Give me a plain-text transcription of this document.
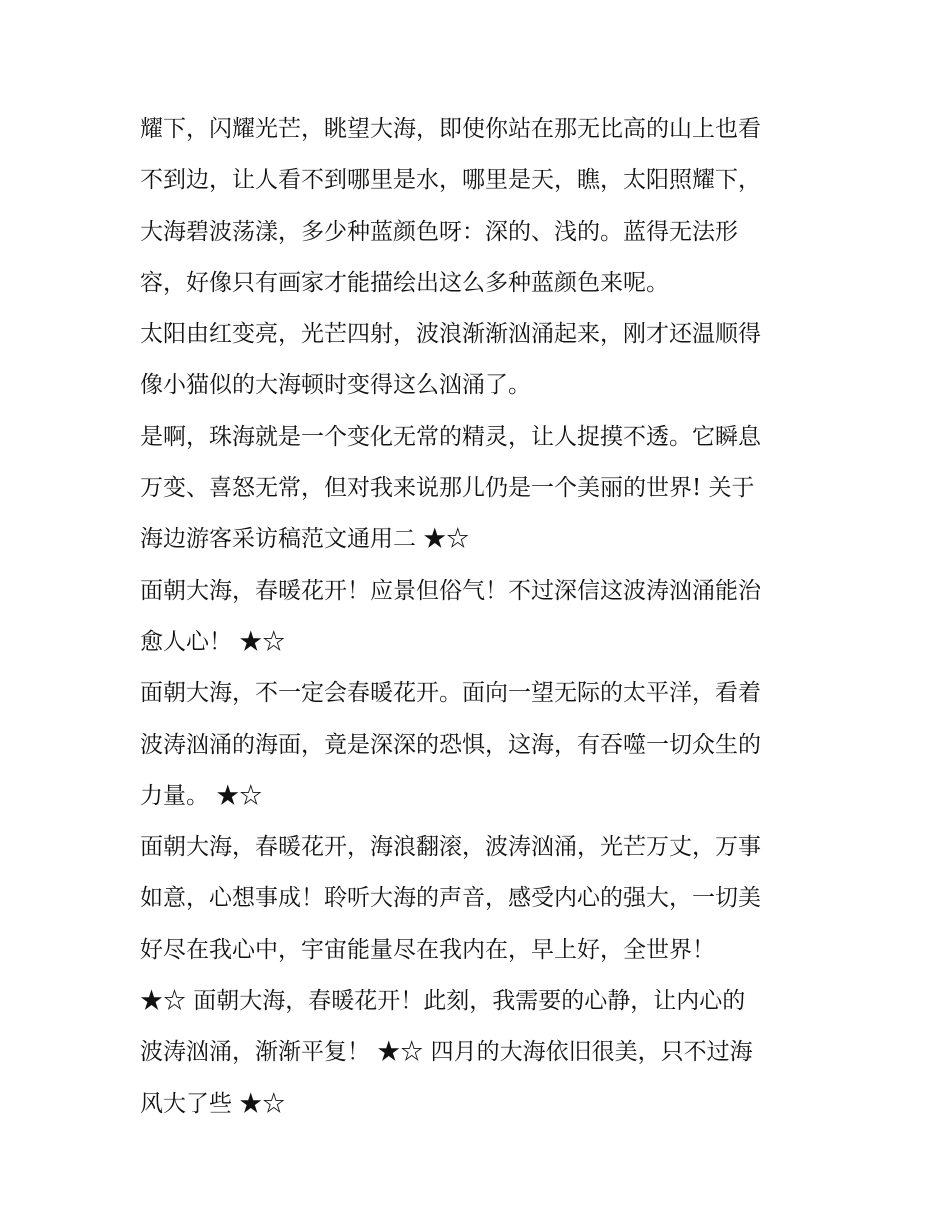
耀下，闪耀光芒，眺望大海，即使你站在那无比高的山上也看
不到边，让人看不到哪里是水，哪里是天，瞧，太阳照耀下，
大海碧波荡漾，多少种蓝颜色呀：深的、浅的。蓝得无法形
容，好像只有画家才能描绘出这么多种蓝颜色来呢。
太阳由红变亮，光芒四射，波浪渐渐汹涌起来，刚才还温顺得
像小猫似的大海顿时变得这么汹涌了。
是啊，珠海就是一个变化无常的精灵，让人捉摸不透。它瞬息
万变、喜怒无常，但对我来说那儿仍是一个美丽的世界! 关于
海边游客采访稿范文通用二 ★☆
面朝大海，春暖花开！应景但俗气！不过深信这波涛汹涌能治
愈人心！ ★☆
面朝大海，不一定会春暖花开。面向一望无际的太平洋，看着
波涛汹涌的海面，竟是深深的恐惧，这海，有吞噬一切众生的
力量。 ★☆
面朝大海，春暖花开，海浪翻滚，波涛汹涌，光芒万丈，万事
如意，心想事成！聆听大海的声音，感受内心的强大，一切美
好尽在我心中，宇宙能量尽在我内在，早上好，全世界！
★☆ 面朝大海，春暖花开！此刻，我需要的心静，让内心的
波涛汹涌，渐渐平复！ ★☆ 四月的大海依旧很美，只不过海
风大了些 ★☆
